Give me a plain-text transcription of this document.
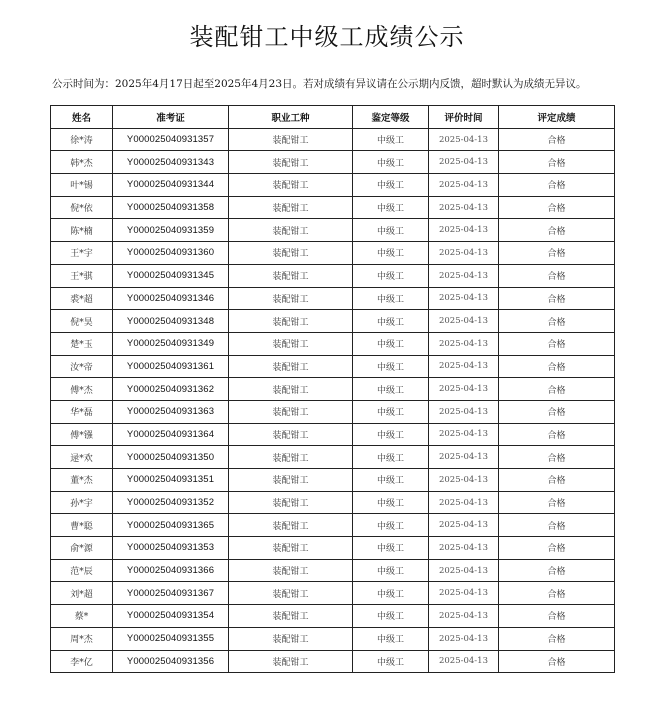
装配钳工中级工成绩公示
公示时间为：2025年4月17日起至2025年4月23日。若对成绩有异议请在公示期内反馈，超时默认为成绩无异议。
姓名	准考证	职业工种	鉴定等级	评价时间	评定成绩
徐*涛	Y000025040931357	装配钳工	中级工	2025-04-13	合格
韩*杰	Y000025040931343	装配钳工	中级工	2025-04-13	合格
叶*锡	Y000025040931344	装配钳工	中级工	2025-04-13	合格
倪*依	Y000025040931358	装配钳工	中级工	2025-04-13	合格
陈*楠	Y000025040931359	装配钳工	中级工	2025-04-13	合格
王*宇	Y000025040931360	装配钳工	中级工	2025-04-13	合格
王*骐	Y000025040931345	装配钳工	中级工	2025-04-13	合格
裘*超	Y000025040931346	装配钳工	中级工	2025-04-13	合格
倪*昊	Y000025040931348	装配钳工	中级工	2025-04-13	合格
楚*玉	Y000025040931349	装配钳工	中级工	2025-04-13	合格
汝*帝	Y000025040931361	装配钳工	中级工	2025-04-13	合格
傅*杰	Y000025040931362	装配钳工	中级工	2025-04-13	合格
华*磊	Y000025040931363	装配钳工	中级工	2025-04-13	合格
傅*镪	Y000025040931364	装配钳工	中级工	2025-04-13	合格
逯*欢	Y000025040931350	装配钳工	中级工	2025-04-13	合格
董*杰	Y000025040931351	装配钳工	中级工	2025-04-13	合格
孙*宇	Y000025040931352	装配钳工	中级工	2025-04-13	合格
曹*聪	Y000025040931365	装配钳工	中级工	2025-04-13	合格
俞*源	Y000025040931353	装配钳工	中级工	2025-04-13	合格
范*辰	Y000025040931366	装配钳工	中级工	2025-04-13	合格
刘*超	Y000025040931367	装配钳工	中级工	2025-04-13	合格
蔡*	Y000025040931354	装配钳工	中级工	2025-04-13	合格
周*杰	Y000025040931355	装配钳工	中级工	2025-04-13	合格
李*亿	Y000025040931356	装配钳工	中级工	2025-04-13	合格
